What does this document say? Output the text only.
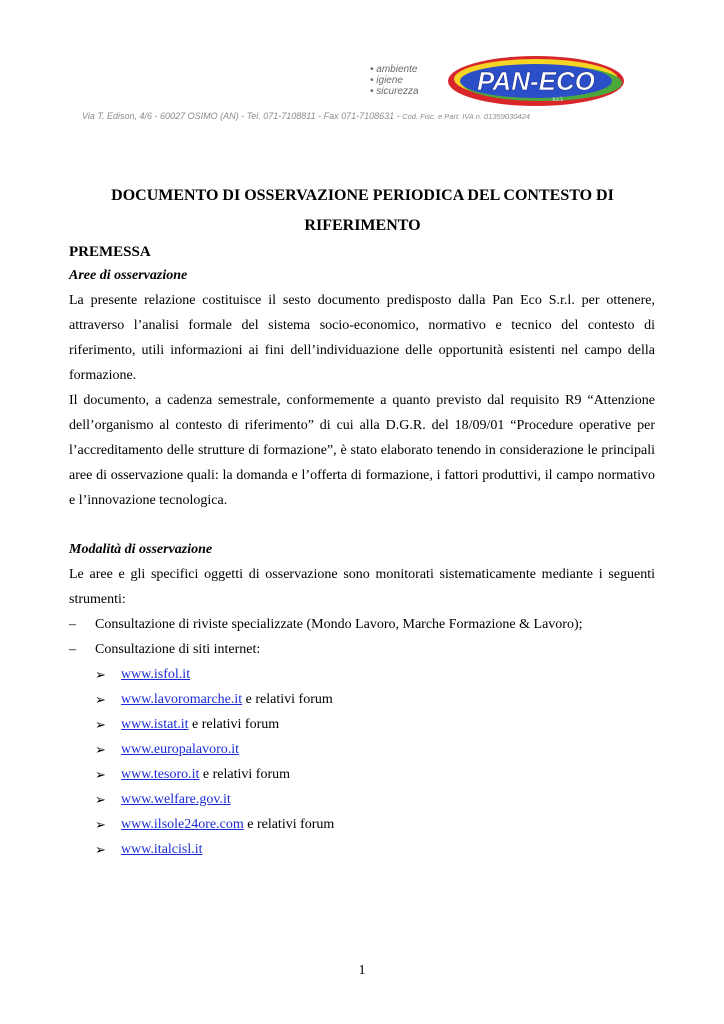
• ambiente
• igiene
• sicurezza	PAN-ECO
s.r.l.
Via T. Edison, 4/6 - 60027 OSIMO (AN) - Tel. 071-7108811 - Fax 071-7108631 - Cod. Fisc. e Part. IVA n. 01359030424
DOCUMENTO DI OSSERVAZIONE PERIODICA DEL CONTESTO DI
RIFERIMENTO

PREMESSA

Aree di osservazione

La presente relazione costituisce il sesto documento predisposto dalla Pan Eco S.r.l. per ottenere, attraverso l’analisi formale del sistema socio-economico, normativo e tecnico del contesto di riferimento, utili informazioni ai fini dell’individuazione delle opportunità esistenti nel campo della formazione.

Il documento, a cadenza semestrale, conformemente a quanto previsto dal requisito R9 “Attenzione dell’organismo al contesto di riferimento” di cui alla D.G.R. del 18/09/01 “Procedure operative per l’accreditamento delle strutture di formazione”, è stato elaborato tenendo in considerazione le principali aree di osservazione quali: la domanda e l’offerta di formazione, i fattori produttivi, il campo normativo e l’innovazione tecnologica.

Modalità di osservazione

Le aree e gli specifici oggetti di osservazione sono monitorati sistematicamente mediante i seguenti strumenti:

– Consultazione di riviste specializzate (Mondo Lavoro, Marche Formazione & Lavoro);
– Consultazione di siti internet:
➢ www.isfol.it
➢ www.lavoromarche.it e relativi forum
➢ www.istat.it e relativi forum
➢ www.europalavoro.it
➢ www.tesoro.it e relativi forum
➢ www.welfare.gov.it
➢ www.ilsole24ore.com e relativi forum
➢ www.italcisl.it
1
